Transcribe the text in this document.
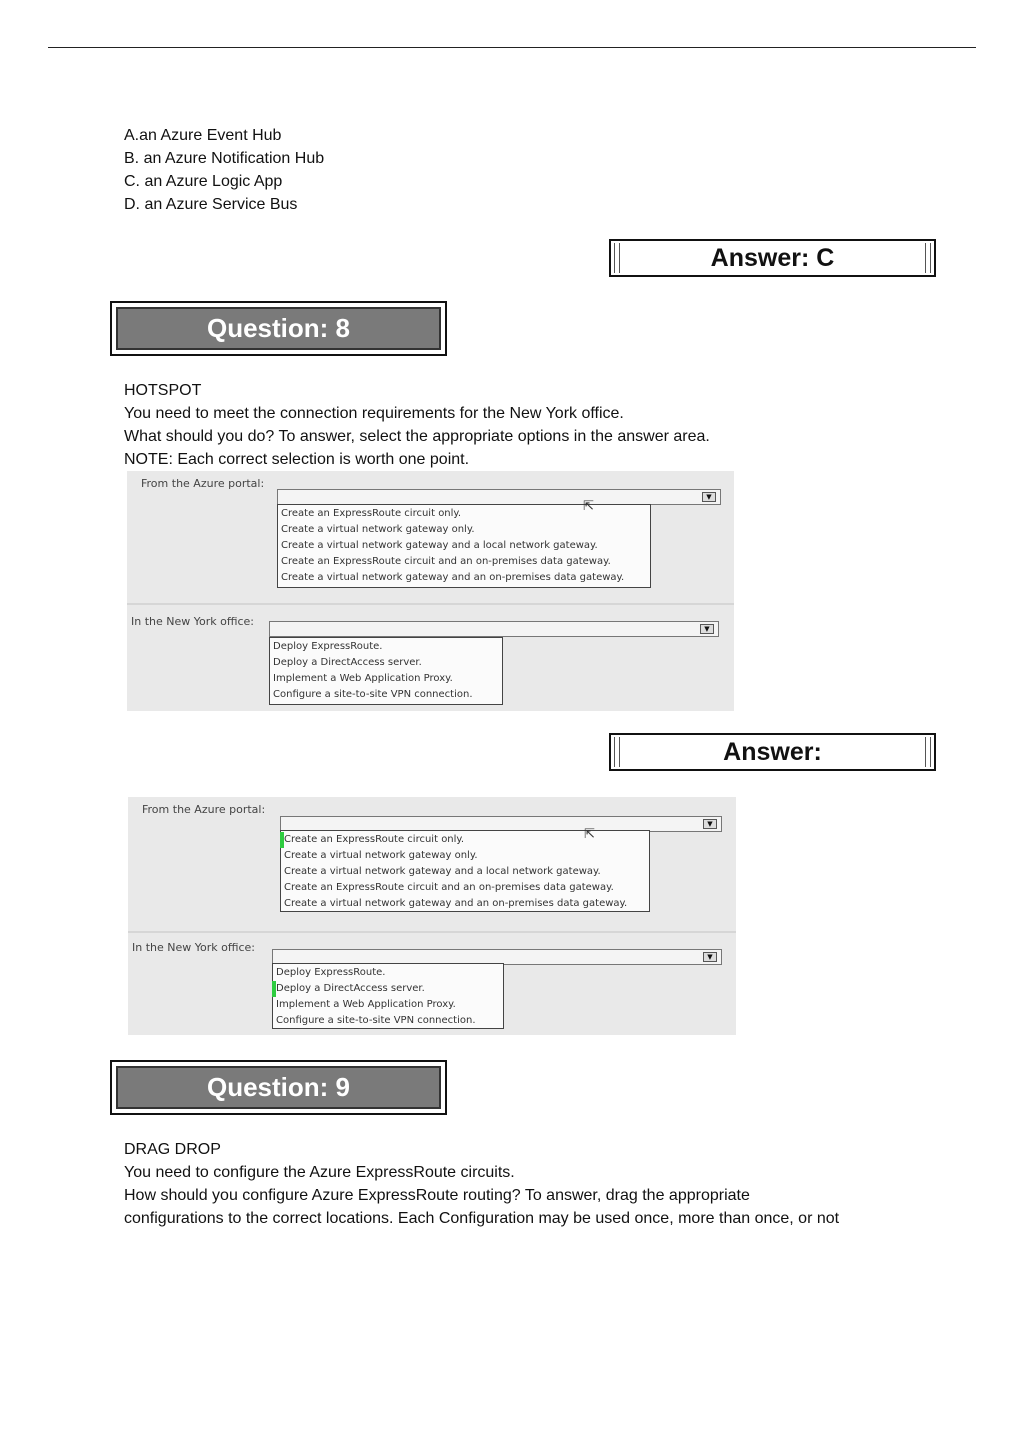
A.an Azure Event Hub
B. an Azure Notification Hub
C. an Azure Logic App
D. an Azure Service Bus
Answer: C
Question: 8
HOTSPOT
You need to meet the connection requirements for the New York office.
What should you do? To answer, select the appropriate options in the answer area.
NOTE: Each correct selection is worth one point.
From the Azure portal:
▼
Create an ExpressRoute circuit only.
Create a virtual network gateway only.
Create a virtual network gateway and a local network gateway.
Create an ExpressRoute circuit and an on-premises data gateway.
Create a virtual network gateway and an on-premises data gateway.
⇱
In the New York office:
▼
Deploy ExpressRoute.
Deploy a DirectAccess server.
Implement a Web Application Proxy.
Configure a site-to-site VPN connection.
Answer:
From the Azure portal:
▼
Create an ExpressRoute circuit only.
Create a virtual network gateway only.
Create a virtual network gateway and a local network gateway.
Create an ExpressRoute circuit and an on-premises data gateway.
Create a virtual network gateway and an on-premises data gateway.
⇱
In the New York office:
▼
Deploy ExpressRoute.
Deploy a DirectAccess server.
Implement a Web Application Proxy.
Configure a site-to-site VPN connection.
Question: 9
DRAG DROP
You need to configure the Azure ExpressRoute circuits.
How should you configure Azure ExpressRoute routing? To answer, drag the appropriate
configurations to the correct locations. Each Configuration may be used once, more than once, or not
